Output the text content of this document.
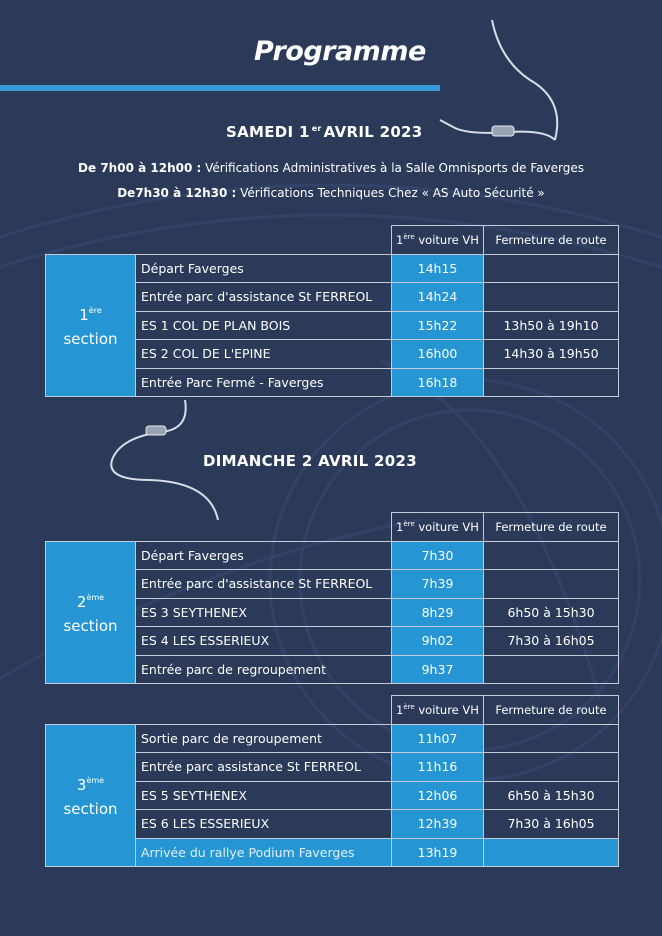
Programme
SAMEDI 1 $^{er}$ AVRIL 2023
De 7h00 à 12h00 : Vérifications Administratives à la Salle Omnisports de Faverges
De7h30 à 12h30 : Vérifications Techniques Chez « AS Auto Sécurité »
		1ère voiture VH	Fermeture de route
1ère
section	Départ Faverges	14h15	
	Entrée parc d'assistance St FERREOL	14h24	
	ES 1 COL DE PLAN BOIS	15h22	13h50 à 19h10
	ES 2 COL DE L'EPINE	16h00	14h30 à 19h50
	Entrée Parc Fermé - Faverges	16h18	
DIMANCHE 2 AVRIL 2023
		1ère voiture VH	Fermeture de route
2ème
section	Départ Faverges	7h30	
	Entrée parc d'assistance St FERREOL	7h39	
	ES 3 SEYTHENEX	8h29	6h50 à 15h30
	ES 4 LES ESSERIEUX	9h02	7h30 à 16h05
	Entrée parc de regroupement	9h37	
		1ère voiture VH	Fermeture de route
3ème
section	Sortie parc de regroupement	11h07	
	Entrée parc assistance St FERREOL	11h16	
	ES 5 SEYTHENEX	12h06	6h50 à 15h30
	ES 6 LES ESSERIEUX	12h39	7h30 à 16h05
	Arrivée du rallye Podium Faverges	13h19	
